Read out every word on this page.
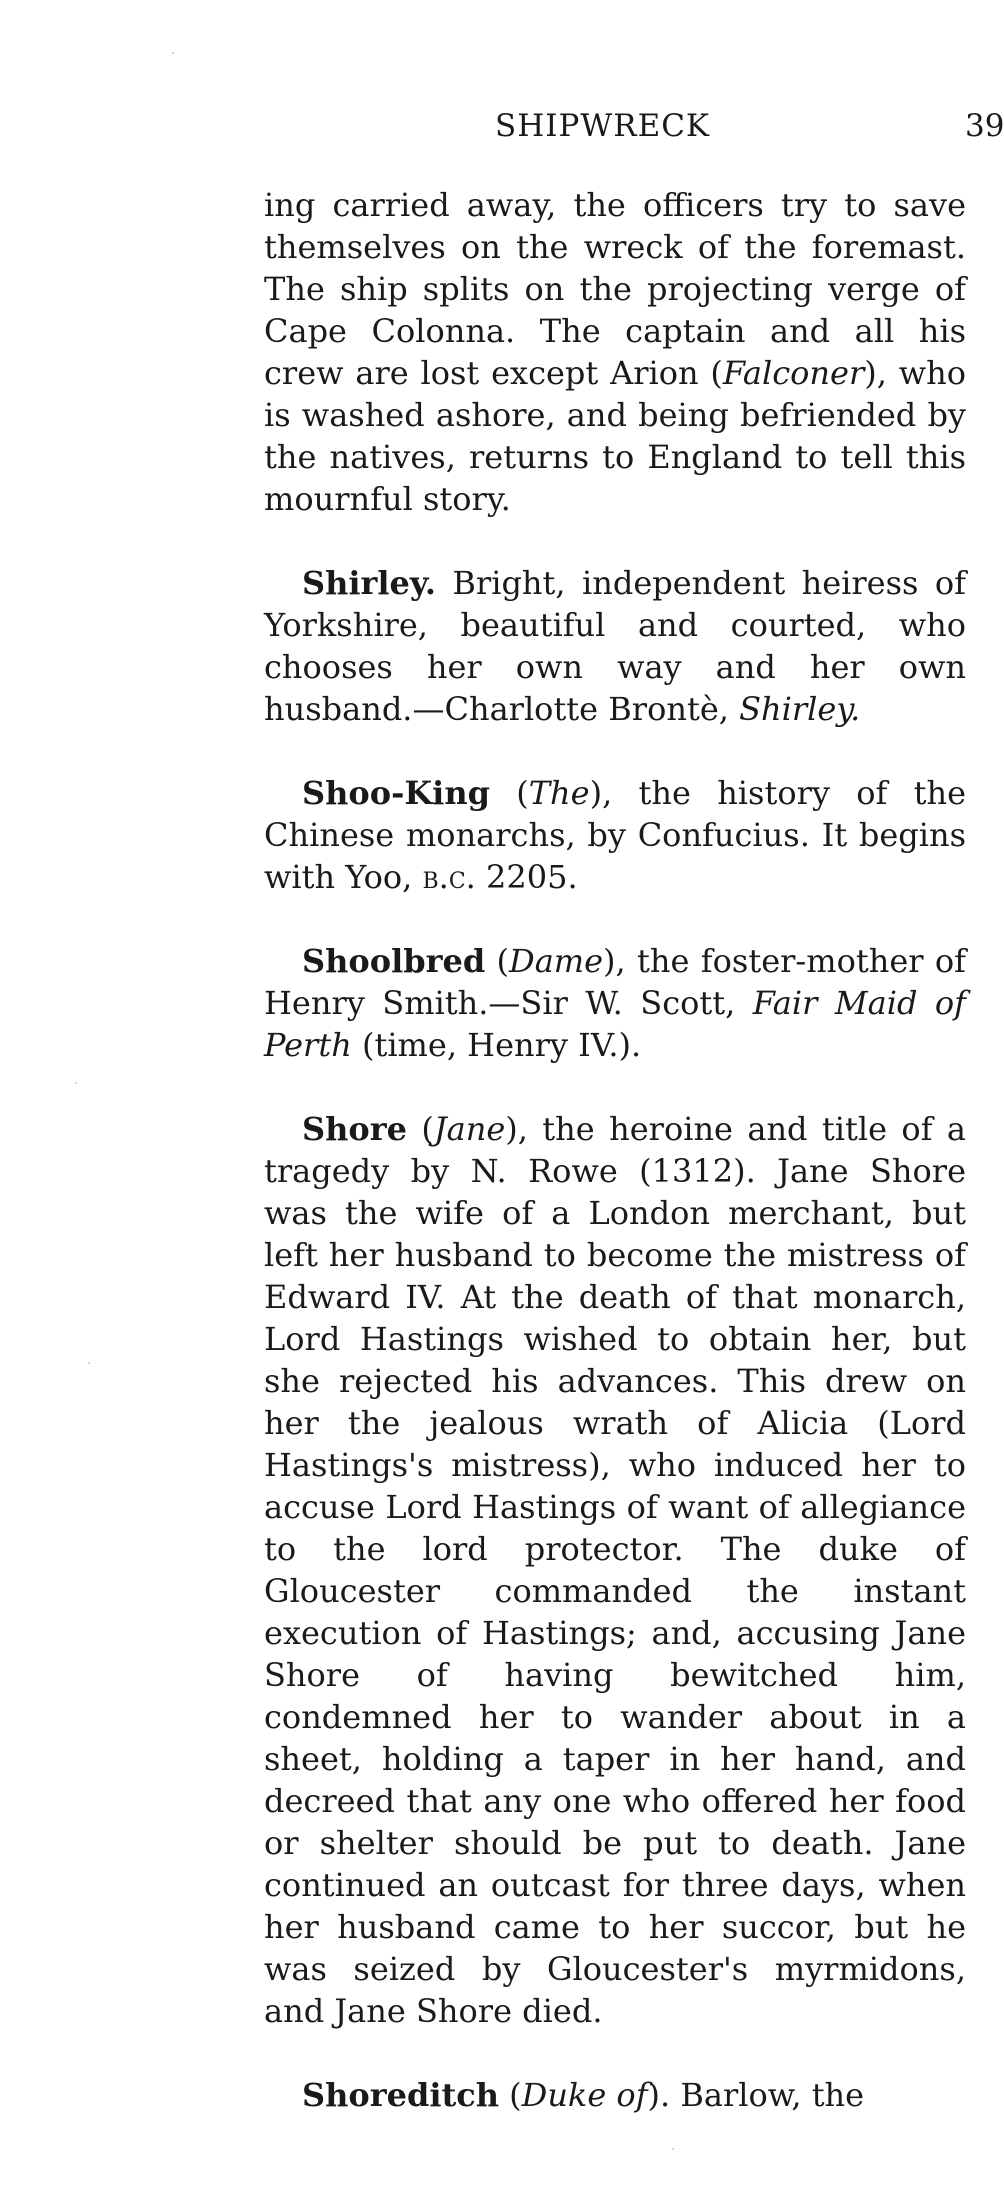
SHIPWRECK	39

ing carried away, the officers try to save themselves on the wreck of the foremast. The ship splits on the projecting verge of Cape Colonna. The captain and all his crew are lost except Arion (Falconer), who is washed ashore, and being befriended by the natives, returns to England to tell this mournful story.

Shirley. Bright, independent heiress of Yorkshire, beautiful and courted, who chooses her own way and her own husband.—Charlotte Brontè, Shirley.

Shoo-King (The), the history of the Chinese monarchs, by Confucius. It begins with Yoo, b.c. 2205.

Shoolbred (Dame), the foster-mother of Henry Smith.—Sir W. Scott, Fair Maid of Perth (time, Henry IV.).

Shore (Jane), the heroine and title of a tragedy by N. Rowe (1312). Jane Shore was the wife of a London merchant, but left her husband to become the mistress of Edward IV. At the death of that monarch, Lord Hastings wished to obtain her, but she rejected his advances. This drew on her the jealous wrath of Alicia (Lord Hastings's mistress), who induced her to accuse Lord Hastings of want of allegiance to the lord protector. The duke of Gloucester commanded the instant execution of Hastings; and, accusing Jane Shore of having bewitched him, condemned her to wander about in a sheet, holding a taper in her hand, and decreed that any one who offered her food or shelter should be put to death. Jane continued an outcast for three days, when her husband came to her succor, but he was seized by Gloucester's myrmidons, and Jane Shore died.

Shoreditch (Duke of). Barlow, the
